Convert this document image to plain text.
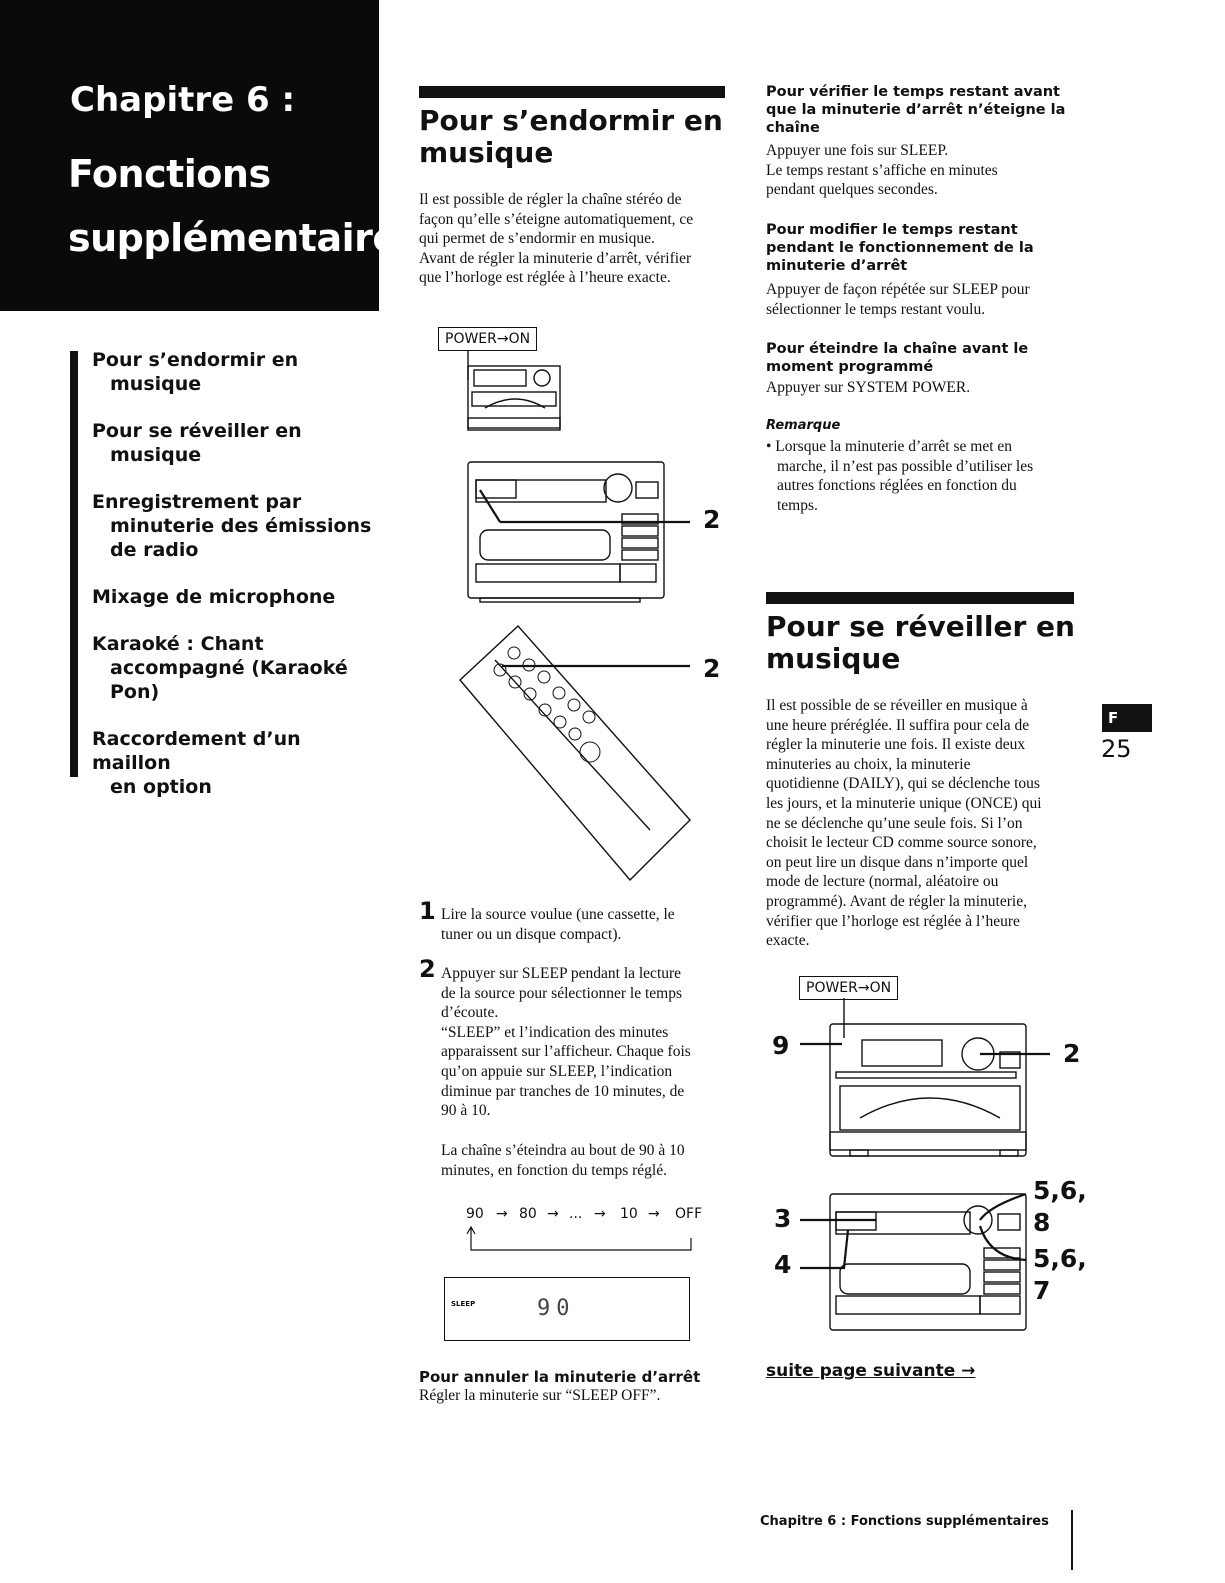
Chapitre 6 :
Fonctions
supplémentaires
Pour s’endormir en
musique
Pour se réveiller en
musique
Enregistrement par
minuterie des émissions
de radio
Mixage de microphone
Karaoké : Chant
accompagné (Karaoké
Pon)
Raccordement d’un maillon
en option
Pour s’endormir en
musique
Il est possible de régler la chaîne stéréo de
façon qu’elle s’éteigne automatiquement, ce
qui permet de s’endormir en musique.
Avant de régler la minuterie d’arrêt, vérifier
que l’horloge est réglée à l’heure exacte.
POWER→ON
2
2
1 Lire la source voulue (une cassette, le
tuner ou un disque compact).
2 Appuyer sur SLEEP pendant la lecture
de la source pour sélectionner le temps
d’écoute.
“SLEEP” et l’indication des minutes
apparaissent sur l’afficheur. Chaque fois
qu’on appuie sur SLEEP, l’indication
diminue par tranches de 10 minutes, de
90 à 10.
La chaîne s’éteindra au bout de 90 à 10
minutes, en fonction du temps réglé.
90 → 80 → ... → 10 → OFF
SLEEP	90
Pour annuler la minuterie d’arrêt
Régler la minuterie sur “SLEEP OFF”.
Pour vérifier le temps restant avant
que la minuterie d’arrêt n’éteigne la
chaîne
Appuyer une fois sur SLEEP.
Le temps restant s’affiche en minutes
pendant quelques secondes.
Pour modifier le temps restant
pendant le fonctionnement de la
minuterie d’arrêt
Appuyer de façon répétée sur SLEEP pour
sélectionner le temps restant voulu.
Pour éteindre la chaîne avant le
moment programmé
Appuyer sur SYSTEM POWER.
Remarque
• Lorsque la minuterie d’arrêt se met en
marche, il n’est pas possible d’utiliser les
autres fonctions réglées en fonction du
temps.
Pour se réveiller en
musique
Il est possible de se réveiller en musique à
une heure préréglée. Il suffira pour cela de
régler la minuterie une fois. Il existe deux
minuteries au choix, la minuterie
quotidienne (DAILY), qui se déclenche tous
les jours, et la minuterie unique (ONCE) qui
ne se déclenche qu’une seule fois. Si l’on
choisit le lecteur CD comme source sonore,
on peut lire un disque dans n’importe quel
mode de lecture (normal, aléatoire ou
programmé). Avant de régler la minuterie,
vérifier que l’horloge est réglée à l’heure
exacte.
POWER→ON
9	2
3
4
5,6,
8
5,6,
7
suite page suivante →
F
25
Chapitre 6 : Fonctions supplémentaires
